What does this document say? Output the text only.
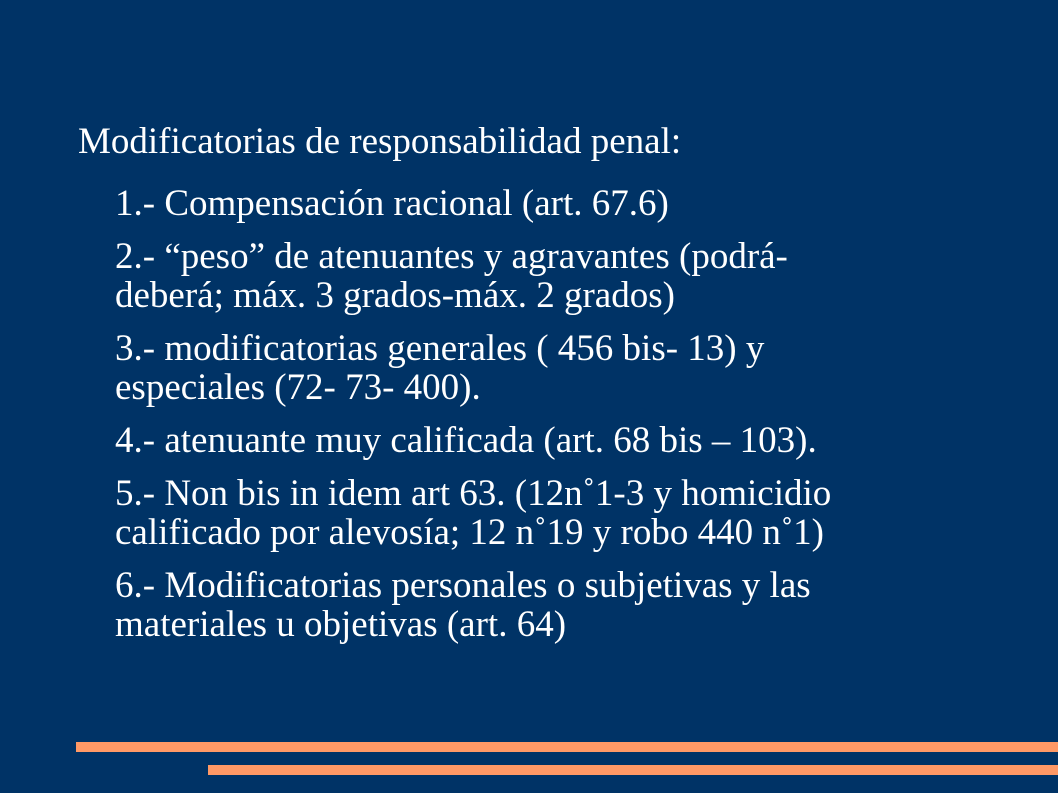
Modificatorias de responsabilidad penal:
1.- Compensación racional (art. 67.6)
2.- “peso” de atenuantes y agravantes (podrá-
deberá; máx. 3 grados-máx. 2 grados)
3.- modificatorias generales ( 456 bis- 13) y
especiales (72- 73- 400).
4.- atenuante muy calificada (art. 68 bis – 103).
5.- Non bis in idem art 63. (12n˚1-3 y homicidio
calificado por alevosía; 12 n˚19 y robo 440 n˚1)
6.- Modificatorias personales o subjetivas y las
materiales u objetivas (art. 64)
